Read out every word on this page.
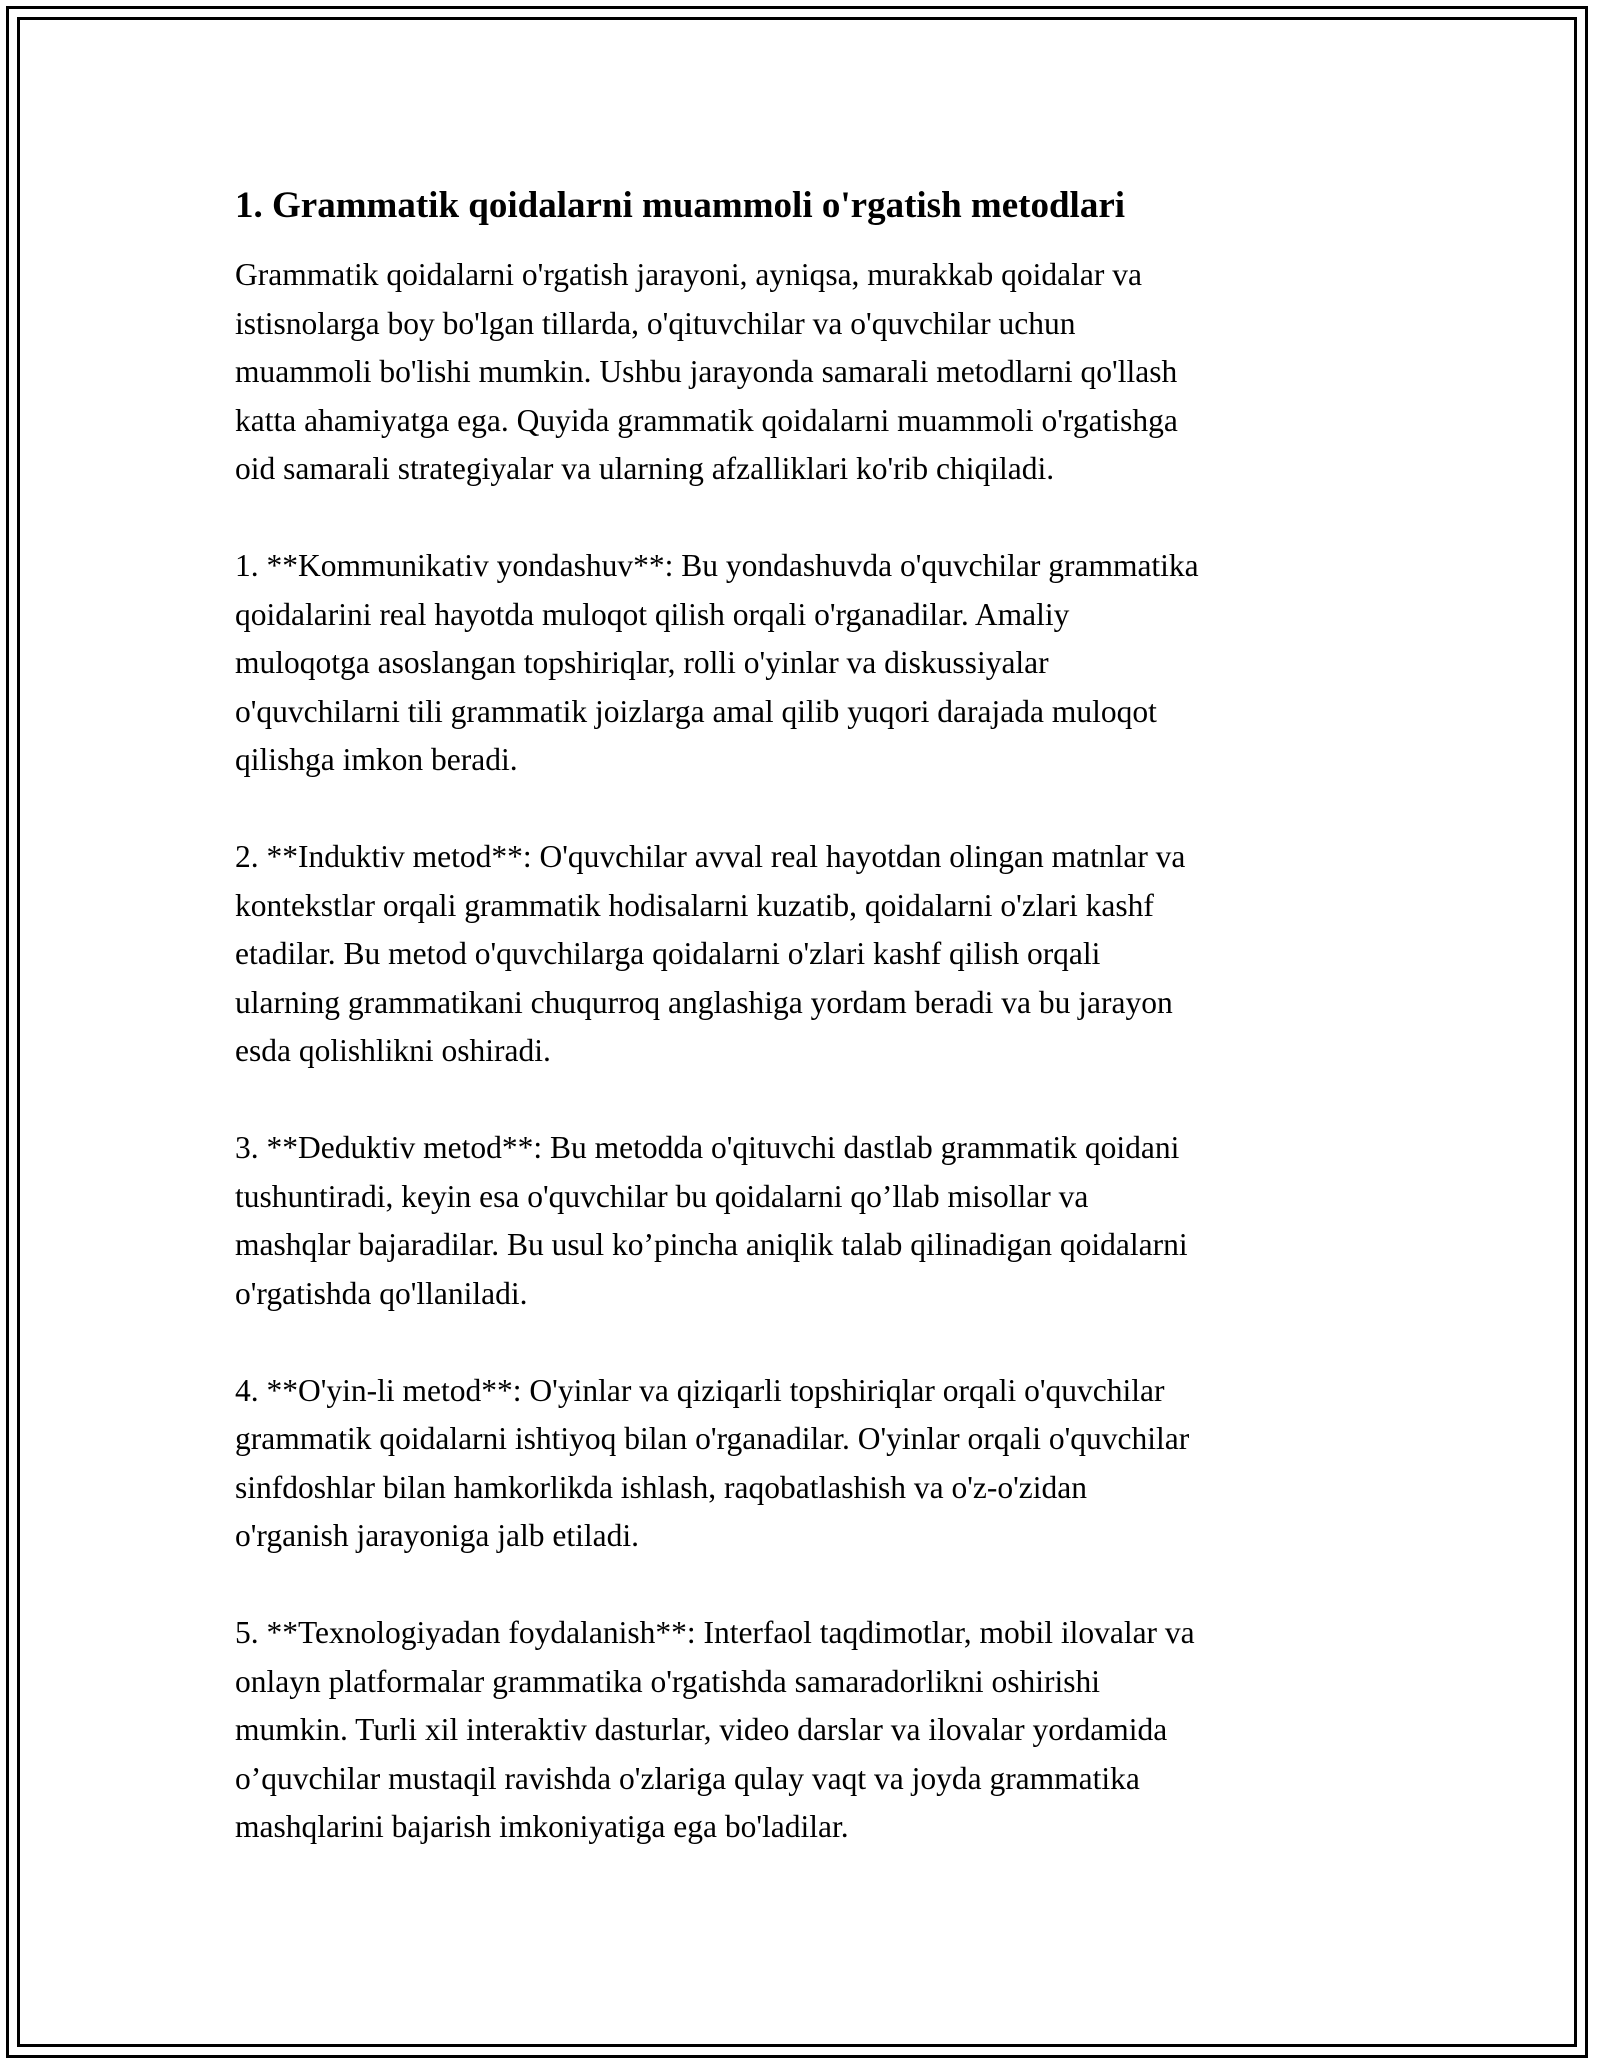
1. Grammatik qoidalarni muammoli o'rgatish metodlari

Grammatik qoidalarni o'rgatish jarayoni, ayniqsa, murakkab qoidalar va
istisnolarga boy bo'lgan tillarda, o'qituvchilar va o'quvchilar uchun
muammoli bo'lishi mumkin. Ushbu jarayonda samarali metodlarni qo'llash
katta ahamiyatga ega. Quyida grammatik qoidalarni muammoli o'rgatishga
oid samarali strategiyalar va ularning afzalliklari ko'rib chiqiladi.

1. **Kommunikativ yondashuv**: Bu yondashuvda o'quvchilar grammatika
qoidalarini real hayotda muloqot qilish orqali o'rganadilar. Amaliy
muloqotga asoslangan topshiriqlar, rolli o'yinlar va diskussiyalar
o'quvchilarni tili grammatik joizlarga amal qilib yuqori darajada muloqot
qilishga imkon beradi.

2. **Induktiv metod**: O'quvchilar avval real hayotdan olingan matnlar va
kontekstlar orqali grammatik hodisalarni kuzatib, qoidalarni o'zlari kashf
etadilar. Bu metod o'quvchilarga qoidalarni o'zlari kashf qilish orqali
ularning grammatikani chuqurroq anglashiga yordam beradi va bu jarayon
esda qolishlikni oshiradi.

3. **Deduktiv metod**: Bu metodda o'qituvchi dastlab grammatik qoidani
tushuntiradi, keyin esa o'quvchilar bu qoidalarni qo’llab misollar va
mashqlar bajaradilar. Bu usul ko’pincha aniqlik talab qilinadigan qoidalarni
o'rgatishda qo'llaniladi.

4. **O'yin-li metod**: O'yinlar va qiziqarli topshiriqlar orqali o'quvchilar
grammatik qoidalarni ishtiyoq bilan o'rganadilar. O'yinlar orqali o'quvchilar
sinfdoshlar bilan hamkorlikda ishlash, raqobatlashish va o'z-o'zidan
o'rganish jarayoniga jalb etiladi.

5. **Texnologiyadan foydalanish**: Interfaol taqdimotlar, mobil ilovalar va
onlayn platformalar grammatika o'rgatishda samaradorlikni oshirishi
mumkin. Turli xil interaktiv dasturlar, video darslar va ilovalar yordamida
o’quvchilar mustaqil ravishda o'zlariga qulay vaqt va joyda grammatika
mashqlarini bajarish imkoniyatiga ega bo'ladilar.
